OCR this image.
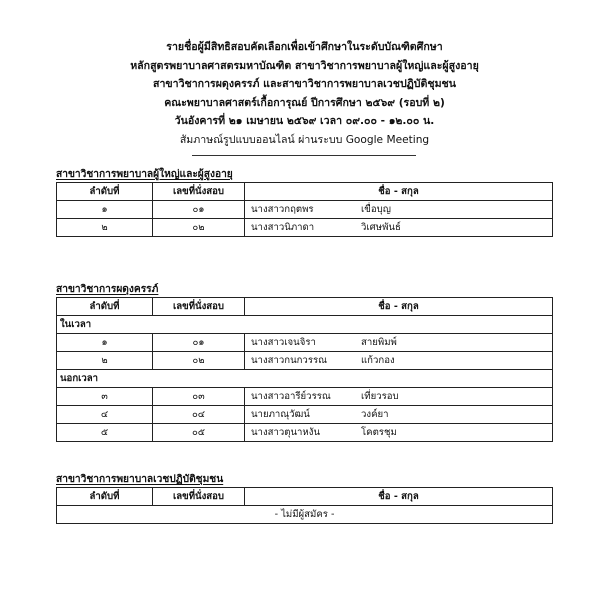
รายชื่อผู้มีสิทธิสอบคัดเลือกเพื่อเข้าศึกษาในระดับบัณฑิตศึกษา
หลักสูตรพยาบาลศาสตรมหาบัณฑิต สาขาวิชาการพยาบาลผู้ใหญ่และผู้สูงอายุ
สาขาวิชาการผดุงครรภ์ และสาขาวิชาการพยาบาลเวชปฏิบัติชุมชน
คณะพยาบาลศาสตร์เกื้อการุณย์ ปีการศึกษา ๒๕๖๙ (รอบที่ ๒)
วันอังคารที่ ๒๑ เมษายน ๒๕๖๙ เวลา ๐๙.๐๐ - ๑๒.๐๐ น.
สัมภาษณ์รูปแบบออนไลน์ ผ่านระบบ Google Meeting
สาขาวิชาการพยาบาลผู้ใหญ่และผู้สูงอายุ
ลำดับที่	เลขที่นั่งสอบ	ชื่อ - สกุล
๑	๐๑	นางสาวกฤตพร เขื่อบุญ
๒	๐๒	นางสาวนิภาดา วิเศษพันธ์
สาขาวิชาการผดุงครรภ์
ลำดับที่	เลขที่นั่งสอบ	ชื่อ - สกุล
ในเวลา		
๑	๐๑	นางสาวเจนจิรา สายพิมพ์
๒	๐๒	นางสาวกนกวรรณ แก้วกอง
นอกเวลา		
๓	๐๓	นางสาวอารีย์วรรณ เที่ยวรอบ
๔	๐๔	นายภาณุวัฒน์ วงค์ยา
๕	๐๕	นางสาวตุนาหงัน โคตรชุม
สาขาวิชาการพยาบาลเวชปฏิบัติชุมชน
ลำดับที่	เลขที่นั่งสอบ	ชื่อ - สกุล
- ไม่มีผู้สมัคร -
